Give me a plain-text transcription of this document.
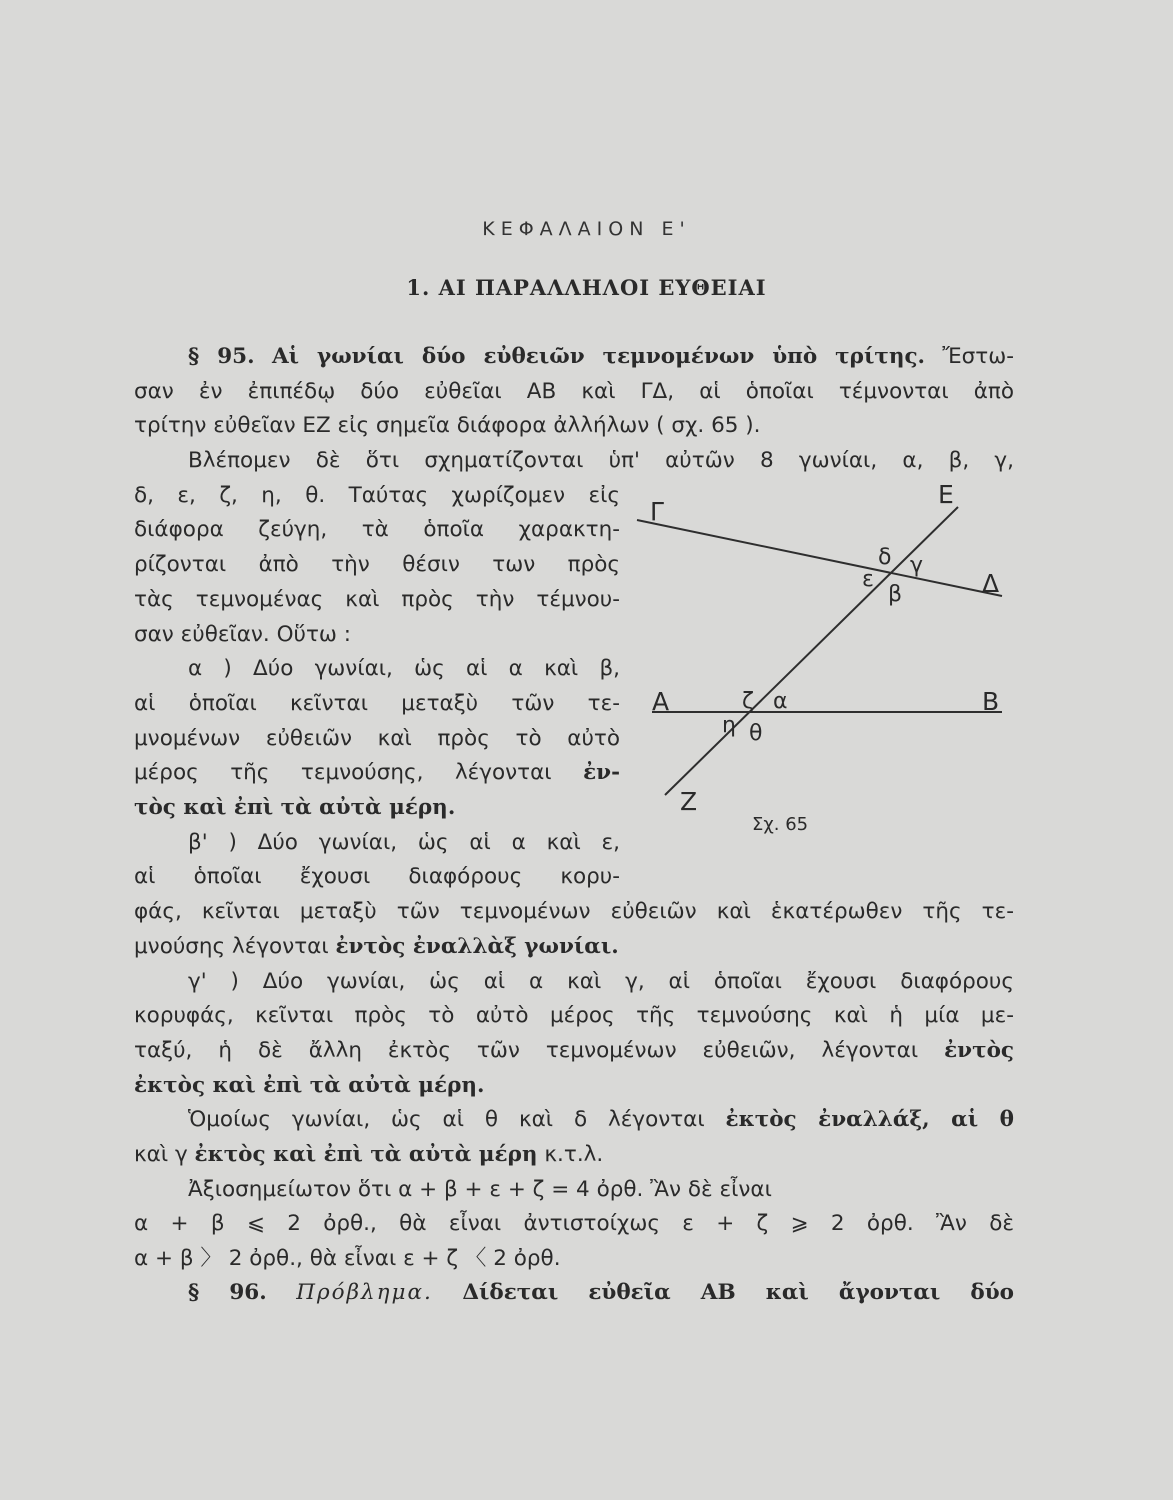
ΚΕΦΑΛΑΙΟΝ Ε'
1. ΑΙ ΠΑΡΑΛΛΗΛΟΙ ΕΥΘΕΙΑΙ
§ 95. Αἱ γωνίαι δύο εὐθειῶν τεμνομένων ὑπὸ τρίτης. Ἔστω-
σαν ἐν ἐπιπέδῳ δύο εὐθεῖαι ΑΒ καὶ ΓΔ, αἱ ὁποῖαι τέμνονται ἀπὸ
τρίτην εὐθεῖαν ΕΖ εἰς σημεῖα διάφορα ἀλλήλων ( σχ. 65 ).
Βλέπομεν δὲ ὅτι σχηματίζονται ὑπ' αὐτῶν 8 γωνίαι, α, β, γ,
δ, ε, ζ, η, θ. Ταύτας χωρίζομεν εἰς
διάφορα ζεύγη, τὰ ὁποῖα χαρακτη-
ρίζονται ἀπὸ τὴν θέσιν των πρὸς
τὰς τεμνομένας καὶ πρὸς τὴν τέμνου-
σαν εὐθεῖαν. Οὕτω :
α ) Δύο γωνίαι, ὡς αἱ α καὶ β,
αἱ ὁποῖαι κεῖνται μεταξὺ τῶν τε-
μνομένων εὐθειῶν καὶ πρὸς τὸ αὐτὸ
μέρος τῆς τεμνούσης, λέγονται ἐν-
τὸς καὶ ἐπὶ τὰ αὐτὰ μέρη.
β' ) Δύο γωνίαι, ὡς αἱ α καὶ ε,
αἱ ὁποῖαι ἔχουσι διαφόρους κορυ-
φάς, κεῖνται μεταξὺ τῶν τεμνομένων εὐθειῶν καὶ ἑκατέρωθεν τῆς τε-
μνούσης λέγονται ἐντὸς ἐναλλὰξ γωνίαι.
γ' ) Δύο γωνίαι, ὡς αἱ α καὶ γ, αἱ ὁποῖαι ἔχουσι διαφόρους
κορυφάς, κεῖνται πρὸς τὸ αὐτὸ μέρος τῆς τεμνούσης καὶ ἡ μία με-
ταξύ, ἡ δὲ ἄλλη ἐκτὸς τῶν τεμνομένων εὐθειῶν, λέγονται ἐντὸς
ἐκτὸς καὶ ἐπὶ τὰ αὐτὰ μέρη.
Ὁμοίως γωνίαι, ὡς αἱ θ καὶ δ λέγονται ἐκτὸς ἐναλλάξ, αἱ θ
καὶ γ ἐκτὸς καὶ ἐπὶ τὰ αὐτὰ μέρη κ.τ.λ.
Ἀξιοσημείωτον ὅτι α + β + ε + ζ = 4 ὀρθ. Ἂν δὲ εἶναι
α + β ⩽ 2 ὀρθ., θὰ εἶναι ἀντιστοίχως ε + ζ ⩾ 2 ὀρθ. Ἂν δὲ
α + β 〉 2 ὀρθ., θὰ εἶναι ε + ζ 〈 2 ὀρθ.
§ 96. Πρόβλημα. Δίδεται εὐθεῖα ΑΒ καὶ ἄγονται δύο
Γ
Ε
Δ
Α	Β
Ζ
δ γ
ε
β
ζ α
η θ
Σχ. 65
